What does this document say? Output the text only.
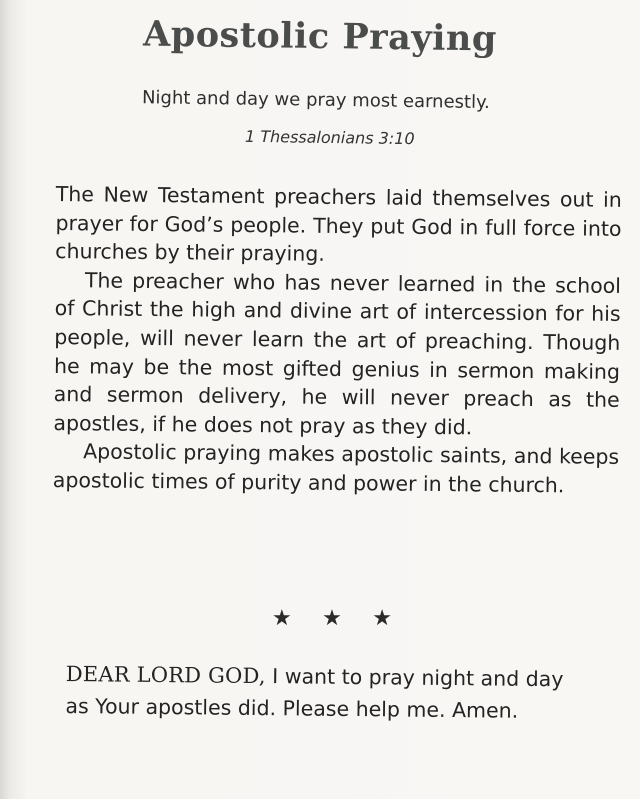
Apostolic Praying
Night and day we pray most earnestly.
1 Thessalonians 3:10

The New Testament preachers laid themselves out in prayer for God’s people. They put God in full force into churches by their praying.

The preacher who has never learned in the school of Christ the high and divine art of intercession for his people, will never learn the art of preaching. Though he may be the most gifted genius in sermon making and sermon delivery, he will never preach as the apostles, if he does not pray as they did.

Apostolic praying makes apostolic saints, and keeps apostolic times of purity and power in the church.

★ ★ ★
DEAR LORD GOD, I want to pray night and day as Your apostles did. Please help me. Amen.
